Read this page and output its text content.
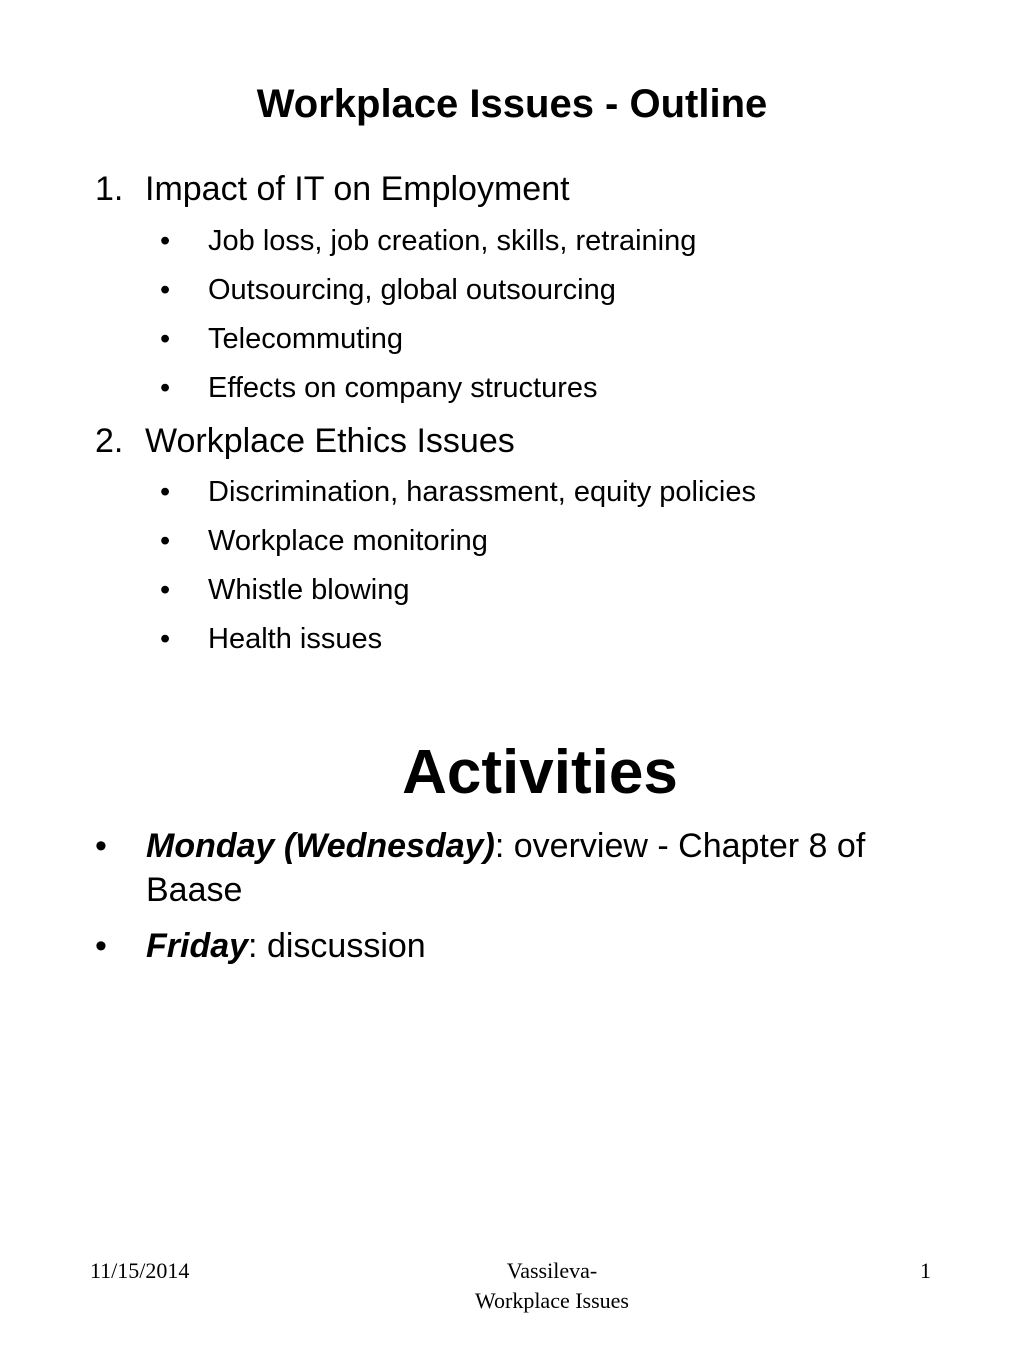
Workplace Issues - Outline
1. Impact of IT on Employment
• Job loss, job creation, skills, retraining
• Outsourcing, global outsourcing
• Telecommuting
• Effects on company structures
2. Workplace Ethics Issues
• Discrimination, harassment, equity policies
• Workplace monitoring
• Whistle blowing
• Health issues
Activities
• Monday (Wednesday): overview - Chapter 8 of Baase
• Friday: discussion
11/15/2014	Vassileva-
Workplace Issues
1
